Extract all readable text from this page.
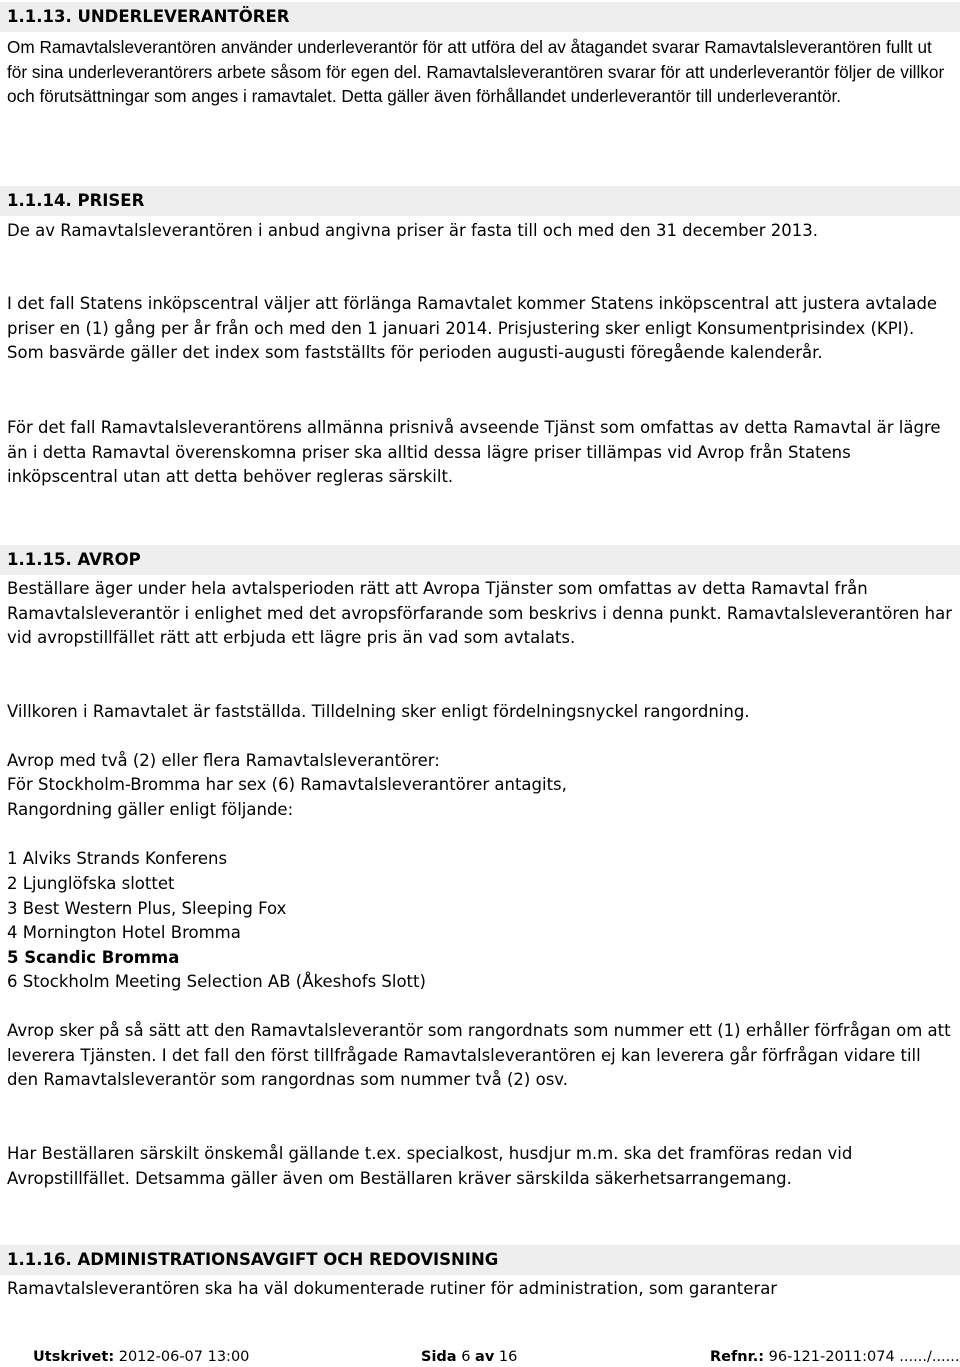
1.1.13. UNDERLEVERANTÖRER

Om Ramavtalsleverantören använder underleverantör för att utföra del av åtagandet svarar Ramavtalsleverantören fullt ut för sina underleverantörers arbete såsom för egen del. Ramavtalsleverantören svarar för att underleverantör följer de villkor och förutsättningar som anges i ramavtalet. Detta gäller även förhållandet underleverantör till underleverantör.

1.1.14. PRISER

De av Ramavtalsleverantören i anbud angivna priser är fasta till och med den 31 december 2013.

I det fall Statens inköpscentral väljer att förlänga Ramavtalet kommer Statens inköpscentral att justera avtalade priser en (1) gång per år från och med den 1 januari 2014. Prisjustering sker enligt Konsumentprisindex (KPI). Som basvärde gäller det index som fastställts för perioden augusti-augusti föregående kalenderår.

För det fall Ramavtalsleverantörens allmänna prisnivå avseende Tjänst som omfattas av detta Ramavtal är lägre än i detta Ramavtal överenskomna priser ska alltid dessa lägre priser tillämpas vid Avrop från Statens inköpscentral utan att detta behöver regleras särskilt.

1.1.15. AVROP

Beställare äger under hela avtalsperioden rätt att Avropa Tjänster som omfattas av detta Ramavtal från Ramavtalsleverantör i enlighet med det avropsförfarande som beskrivs i denna punkt. Ramavtalsleverantören har vid avropstillfället rätt att erbjuda ett lägre pris än vad som avtalats.

Villkoren i Ramavtalet är fastställda. Tilldelning sker enligt fördelningsnyckel rangordning.

Avrop med två (2) eller flera Ramavtalsleverantörer:

För Stockholm-Bromma har sex (6) Ramavtalsleverantörer antagits,

Rangordning gäller enligt följande:

1 Alviks Strands Konferens

2 Ljunglöfska slottet

3 Best Western Plus, Sleeping Fox

4 Mornington Hotel Bromma

5 Scandic Bromma

6 Stockholm Meeting Selection AB (Åkeshofs Slott)

Avrop sker på så sätt att den Ramavtalsleverantör som rangordnats som nummer ett (1) erhåller förfrågan om att leverera Tjänsten. I det fall den först tillfrågade Ramavtalsleverantören ej kan leverera går förfrågan vidare till den Ramavtalsleverantör som rangordnas som nummer två (2) osv.

Har Beställaren särskilt önskemål gällande t.ex. specialkost, husdjur m.m. ska det framföras redan vid Avropstillfället. Detsamma gäller även om Beställaren kräver särskilda säkerhetsarrangemang.

1.1.16. ADMINISTRATIONSAVGIFT OCH REDOVISNING

Ramavtalsleverantören ska ha väl dokumenterade rutiner för administration, som garanterar

Utskrivet: 2012-06-07 13:00	Sida 6 av 16	Refnr.: 96-121-2011:074 ....../......
